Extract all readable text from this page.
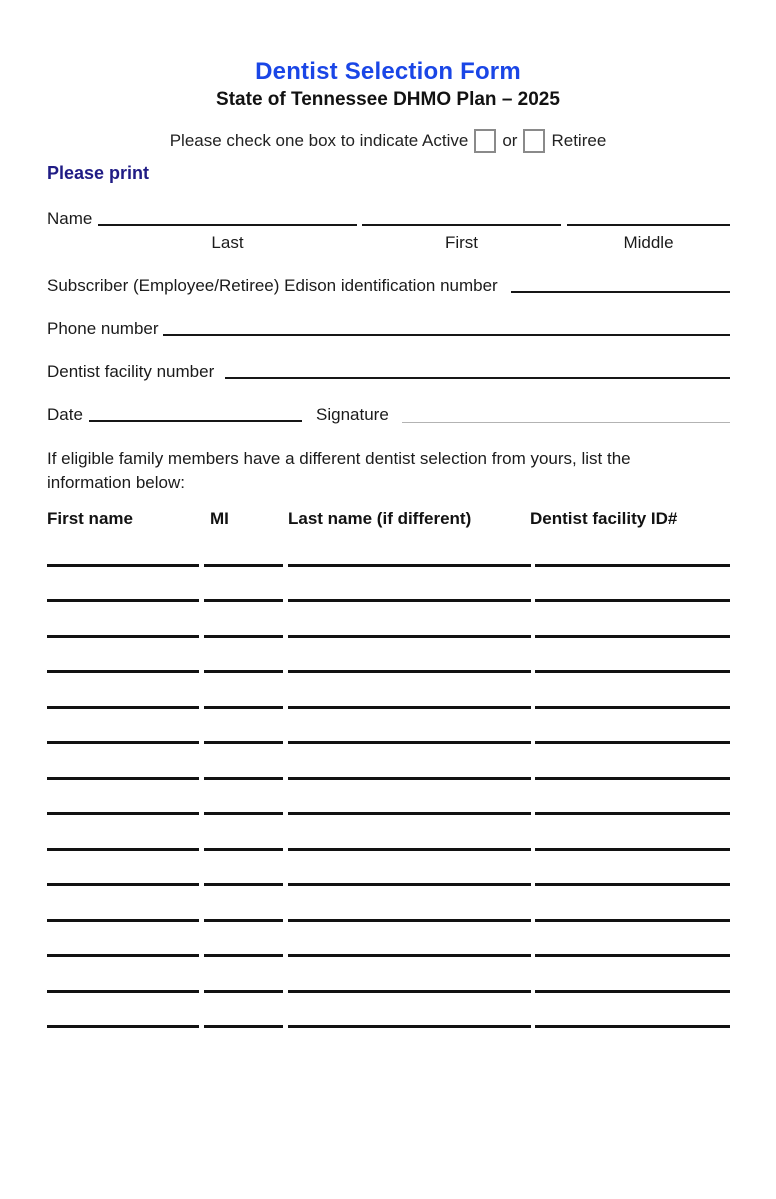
Dentist Selection Form
State of Tennessee DHMO Plan – 2025
Please check one box to indicate Active or Retiree
Please print
Name
Last	First	Middle
Subscriber (Employee/Retiree) Edison identification number
Phone number
Dentist facility number
Date	Signature
If eligible family members have a different dentist selection from yours, list the information below:
First name	MI	Last name (if different)	Dentist facility ID#
